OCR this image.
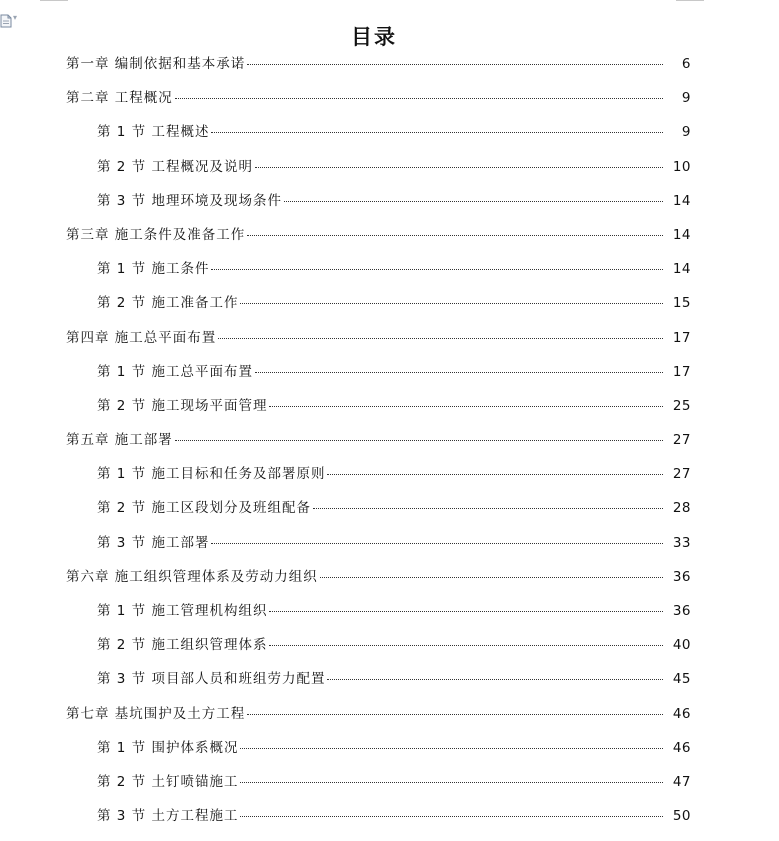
▾
目录
第一章 编制依据和基本承诺	6
第二章 工程概况	9
第 1 节 工程概述	9
第 2 节 工程概况及说明	10
第 3 节 地理环境及现场条件	14
第三章 施工条件及准备工作	14
第 1 节 施工条件	14
第 2 节 施工准备工作	15
第四章 施工总平面布置	17
第 1 节 施工总平面布置	17
第 2 节 施工现场平面管理	25
第五章 施工部署	27
第 1 节 施工目标和任务及部署原则	27
第 2 节 施工区段划分及班组配备	28
第 3 节 施工部署	33
第六章 施工组织管理体系及劳动力组织	36
第 1 节 施工管理机构组织	36
第 2 节 施工组织管理体系	40
第 3 节 项目部人员和班组劳力配置	45
第七章 基坑围护及土方工程	46
第 1 节 围护体系概况	46
第 2 节 土钉喷锚施工	47
第 3 节 土方工程施工	50
